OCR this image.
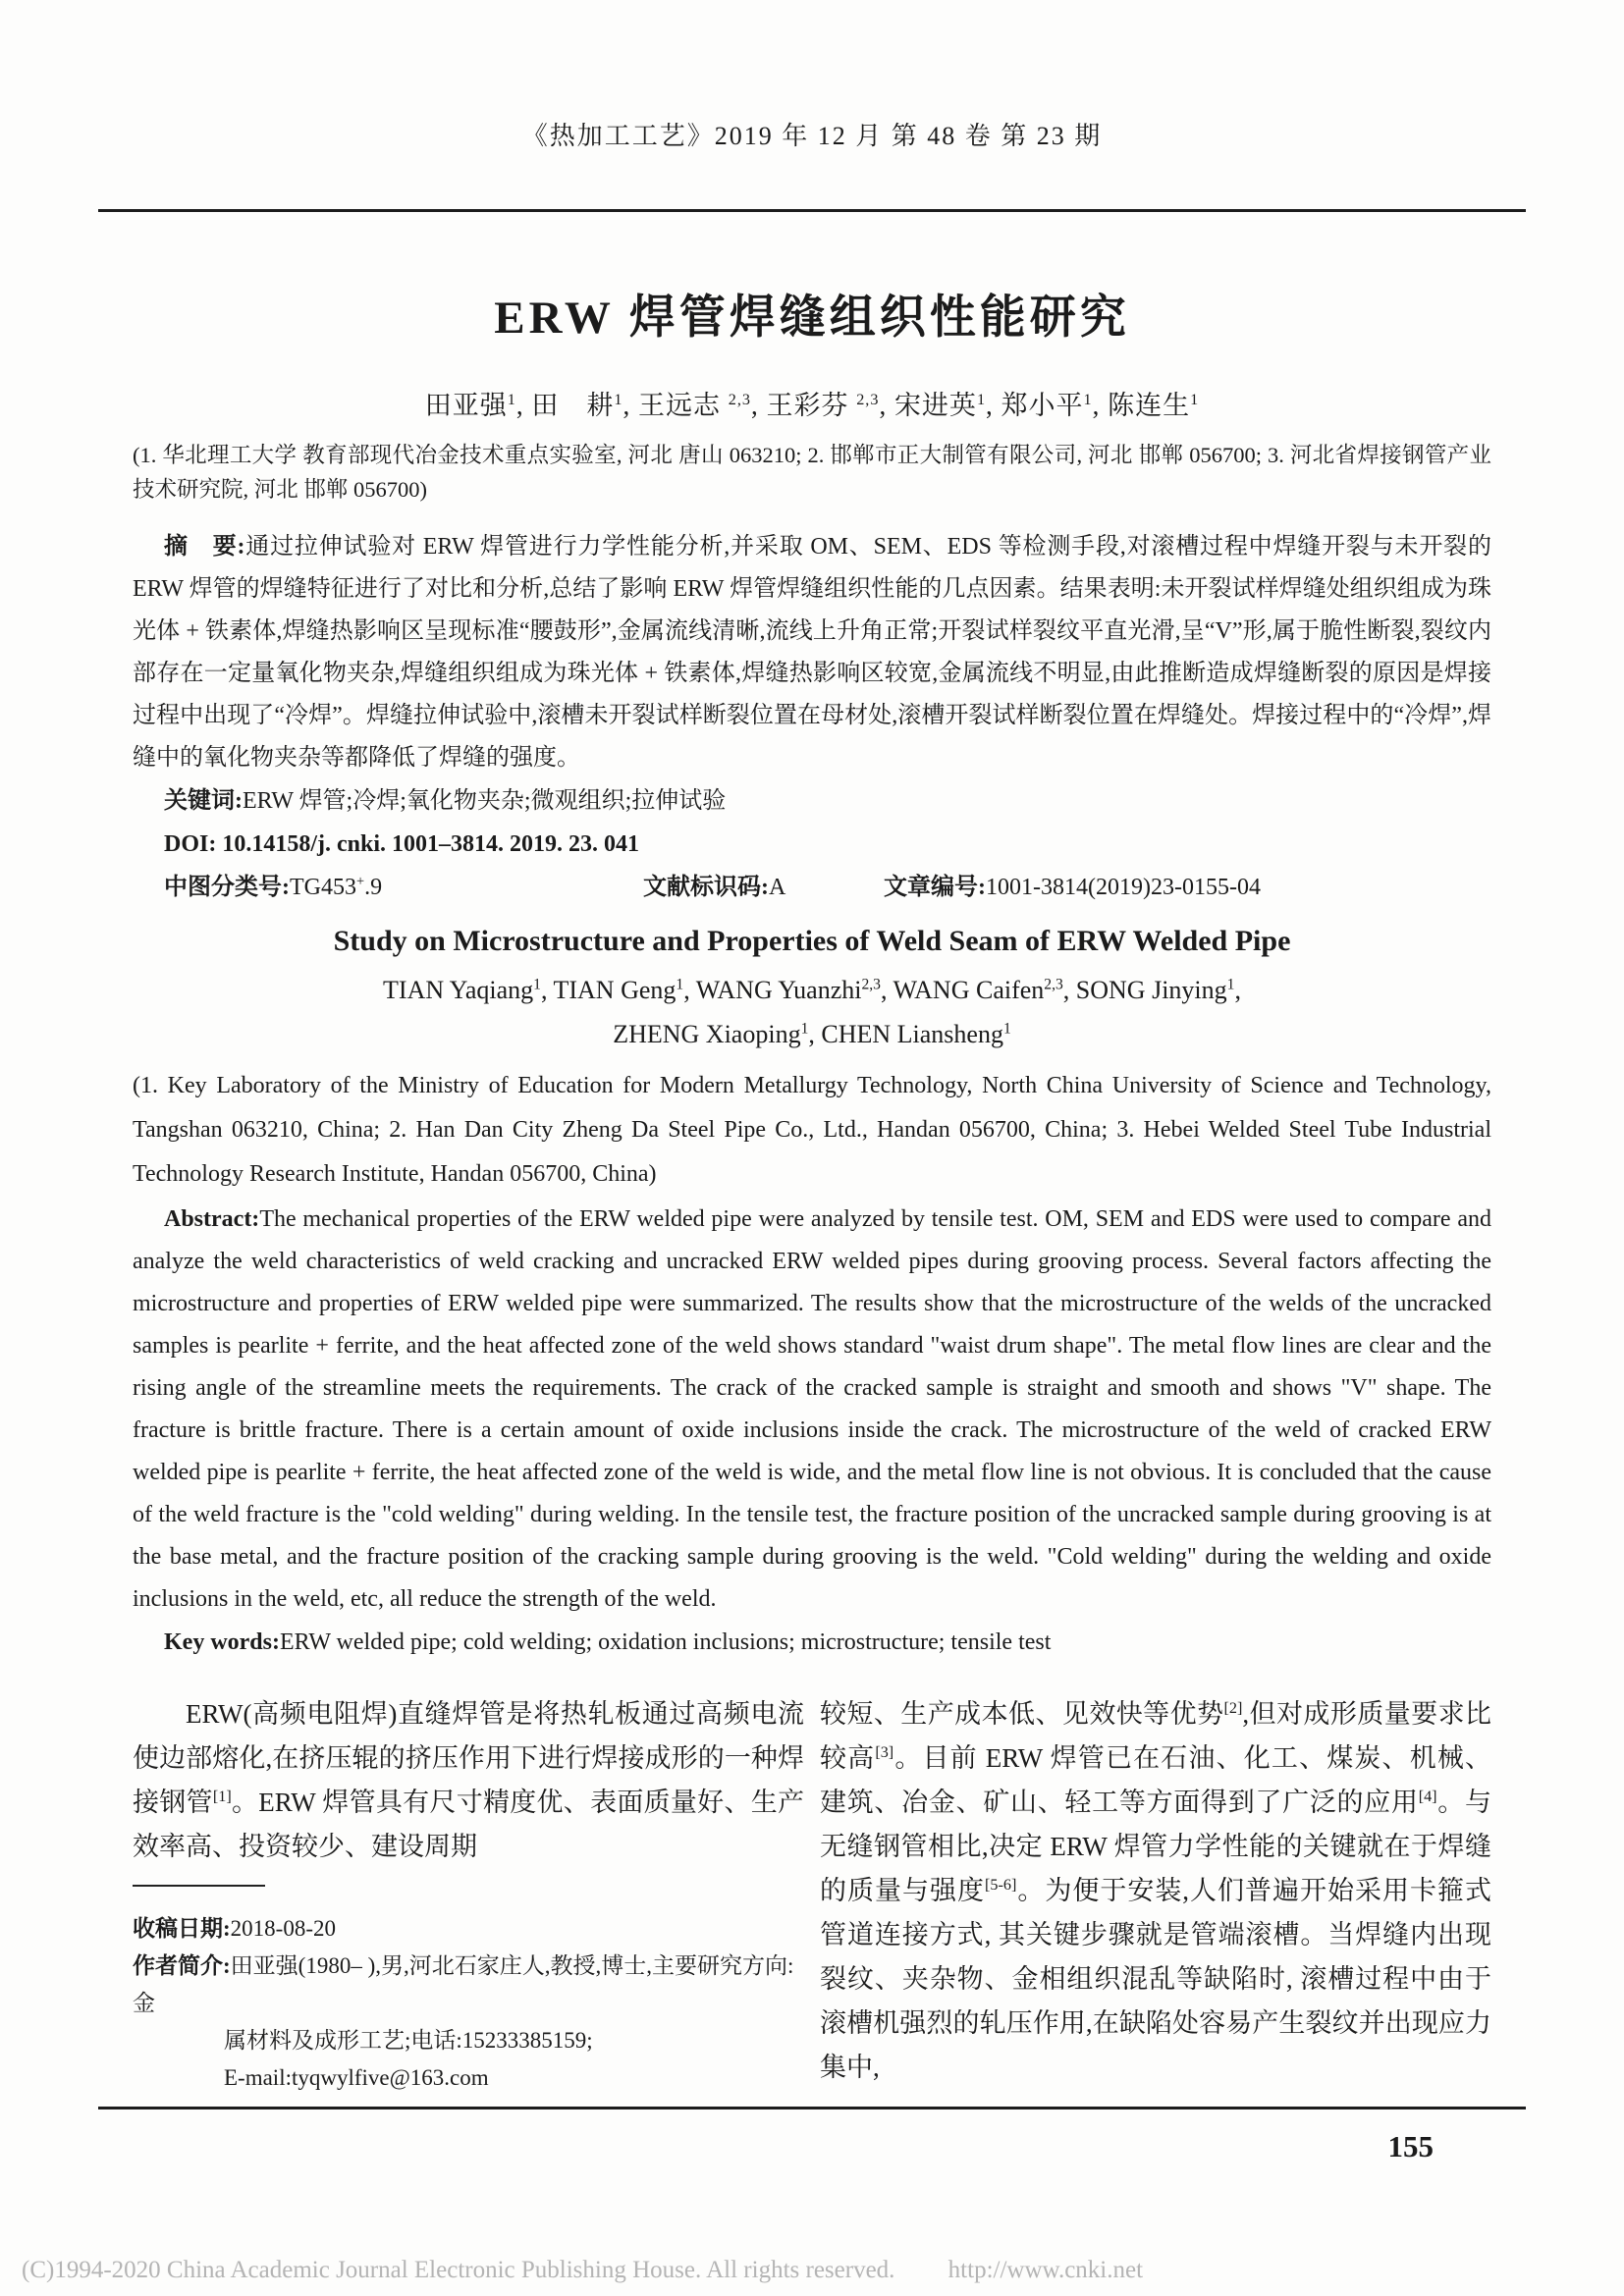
《热加工工艺》2019 年 12 月 第 48 卷 第 23 期
ERW 焊管焊缝组织性能研究
田亚强$^1$, 田　耕$^1$, 王远志 $^{2,3}$, 王彩芬 $^{2,3}$, 宋进英$^1$, 郑小平$^1$, 陈连生$^1$
(1. 华北理工大学 教育部现代冶金技术重点实验室, 河北 唐山 063210; 2. 邯郸市正大制管有限公司, 河北 邯郸 056700; 3. 河北省焊接钢管产业技术研究院, 河北 邯郸 056700)
摘　要:通过拉伸试验对 ERW 焊管进行力学性能分析,并采取 OM、SEM、EDS 等检测手段,对滚槽过程中焊缝开裂与未开裂的 ERW 焊管的焊缝特征进行了对比和分析,总结了影响 ERW 焊管焊缝组织性能的几点因素。结果表明:未开裂试样焊缝处组织组成为珠光体 + 铁素体,焊缝热影响区呈现标准“腰鼓形”,金属流线清晰,流线上升角正常;开裂试样裂纹平直光滑,呈“V”形,属于脆性断裂,裂纹内部存在一定量氧化物夹杂,焊缝组织组成为珠光体 + 铁素体,焊缝热影响区较宽,金属流线不明显,由此推断造成焊缝断裂的原因是焊接过程中出现了“冷焊”。焊缝拉伸试验中,滚槽未开裂试样断裂位置在母材处,滚槽开裂试样断裂位置在焊缝处。焊接过程中的“冷焊”,焊缝中的氧化物夹杂等都降低了焊缝的强度。
关键词:ERW 焊管;冷焊;氧化物夹杂;微观组织;拉伸试验
DOI: 10.14158/j. cnki. 1001–3814. 2019. 23. 041
中图分类号:TG453+.9	文献标识码:A	文章编号:1001-3814(2019)23-0155-04
Study on Microstructure and Properties of Weld Seam of ERW Welded Pipe
TIAN Yaqiang$^1$, TIAN Geng$^1$, WANG Yuanzhi$^{2,3}$, WANG Caifen$^{2,3}$, SONG Jinying$^1$,
ZHENG Xiaoping$^1$, CHEN Liansheng$^1$
(1. Key Laboratory of the Ministry of Education for Modern Metallurgy Technology, North China University of Science and Technology, Tangshan 063210, China; 2. Han Dan City Zheng Da Steel Pipe Co., Ltd., Handan 056700, China; 3. Hebei Welded Steel Tube Industrial Technology Research Institute, Handan 056700, China)
Abstract:The mechanical properties of the ERW welded pipe were analyzed by tensile test. OM, SEM and EDS were used to compare and analyze the weld characteristics of weld cracking and uncracked ERW welded pipes during grooving process. Several factors affecting the microstructure and properties of ERW welded pipe were summarized. The results show that the microstructure of the welds of the uncracked samples is pearlite + ferrite, and the heat affected zone of the weld shows standard "waist drum shape". The metal flow lines are clear and the rising angle of the streamline meets the requirements. The crack of the cracked sample is straight and smooth and shows "V" shape. The fracture is brittle fracture. There is a certain amount of oxide inclusions inside the crack. The microstructure of the weld of cracked ERW welded pipe is pearlite + ferrite, the heat affected zone of the weld is wide, and the metal flow line is not obvious. It is concluded that the cause of the weld fracture is the "cold welding" during welding. In the tensile test, the fracture position of the uncracked sample during grooving is at the base metal, and the fracture position of the cracking sample during grooving is the weld. "Cold welding" during the welding and oxide inclusions in the weld, etc, all reduce the strength of the weld.
Key words:ERW welded pipe; cold welding; oxidation inclusions; microstructure; tensile test

ERW(高频电阻焊)直缝焊管是将热轧板通过高频电流使边部熔化,在挤压辊的挤压作用下进行焊接成形的一种焊接钢管[1]。ERW 焊管具有尺寸精度优、表面质量好、生产效率高、投资较少、建设周期

收稿日期:2018-08-20
作者简介:田亚强(1980– ),男,河北石家庄人,教授,博士,主要研究方向:金
属材料及成形工艺;电话:15233385159;
E-mail:tyqwylfive@163.com

较短、生产成本低、见效快等优势[2],但对成形质量要求比较高[3]。目前 ERW 焊管已在石油、化工、煤炭、机械、建筑、冶金、矿山、轻工等方面得到了广泛的应用[4]。与无缝钢管相比,决定 ERW 焊管力学性能的关键就在于焊缝的质量与强度[5-6]。为便于安装,人们普遍开始采用卡箍式管道连接方式, 其关键步骤就是管端滚槽。当焊缝内出现裂纹、夹杂物、金相组织混乱等缺陷时, 滚槽过程中由于滚槽机强烈的轧压作用,在缺陷处容易产生裂纹并出现应力集中,

155
(C)1994-2020 China Academic Journal Electronic Publishing House. All rights reserved. http://www.cnki.net
